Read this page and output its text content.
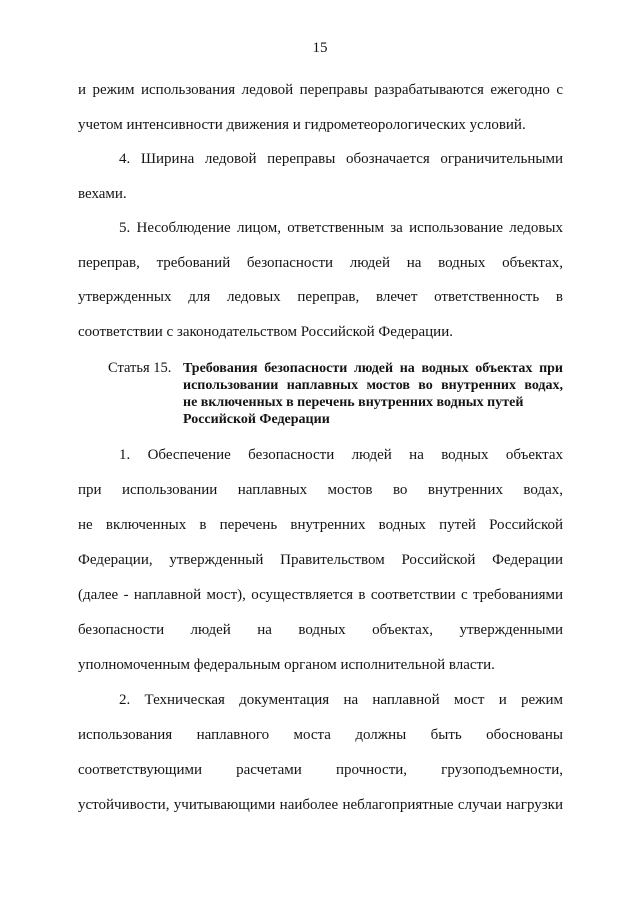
15
и режим использования ледовой переправы разрабатываются ежегодно с
учетом интенсивности движения и гидрометеорологических условий.
4. Ширина ледовой переправы обозначается ограничительными
вехами.
5. Несоблюдение лицом, ответственным за использование ледовых
переправ, требований безопасности людей на водных объектах,
утвержденных для ледовых переправ, влечет ответственность в
соответствии с законодательством Российской Федерации.
Статья 15. Требования безопасности людей на водных объектах при
использовании наплавных мостов во внутренних водах,
не включенных в перечень внутренних водных путей
Российской Федерации
1. Обеспечение безопасности людей на водных объектах
при использовании наплавных мостов во внутренних водах,
не включенных в перечень внутренних водных путей Российской
Федерации, утвержденный Правительством Российской Федерации
(далее - наплавной мост), осуществляется в соответствии с требованиями
безопасности людей на водных объектах, утвержденными
уполномоченным федеральным органом исполнительной власти.
2. Техническая документация на наплавной мост и режим
использования наплавного моста должны быть обоснованы
соответствующими расчетами прочности, грузоподъемности,
устойчивости, учитывающими наиболее неблагоприятные случаи нагрузки
